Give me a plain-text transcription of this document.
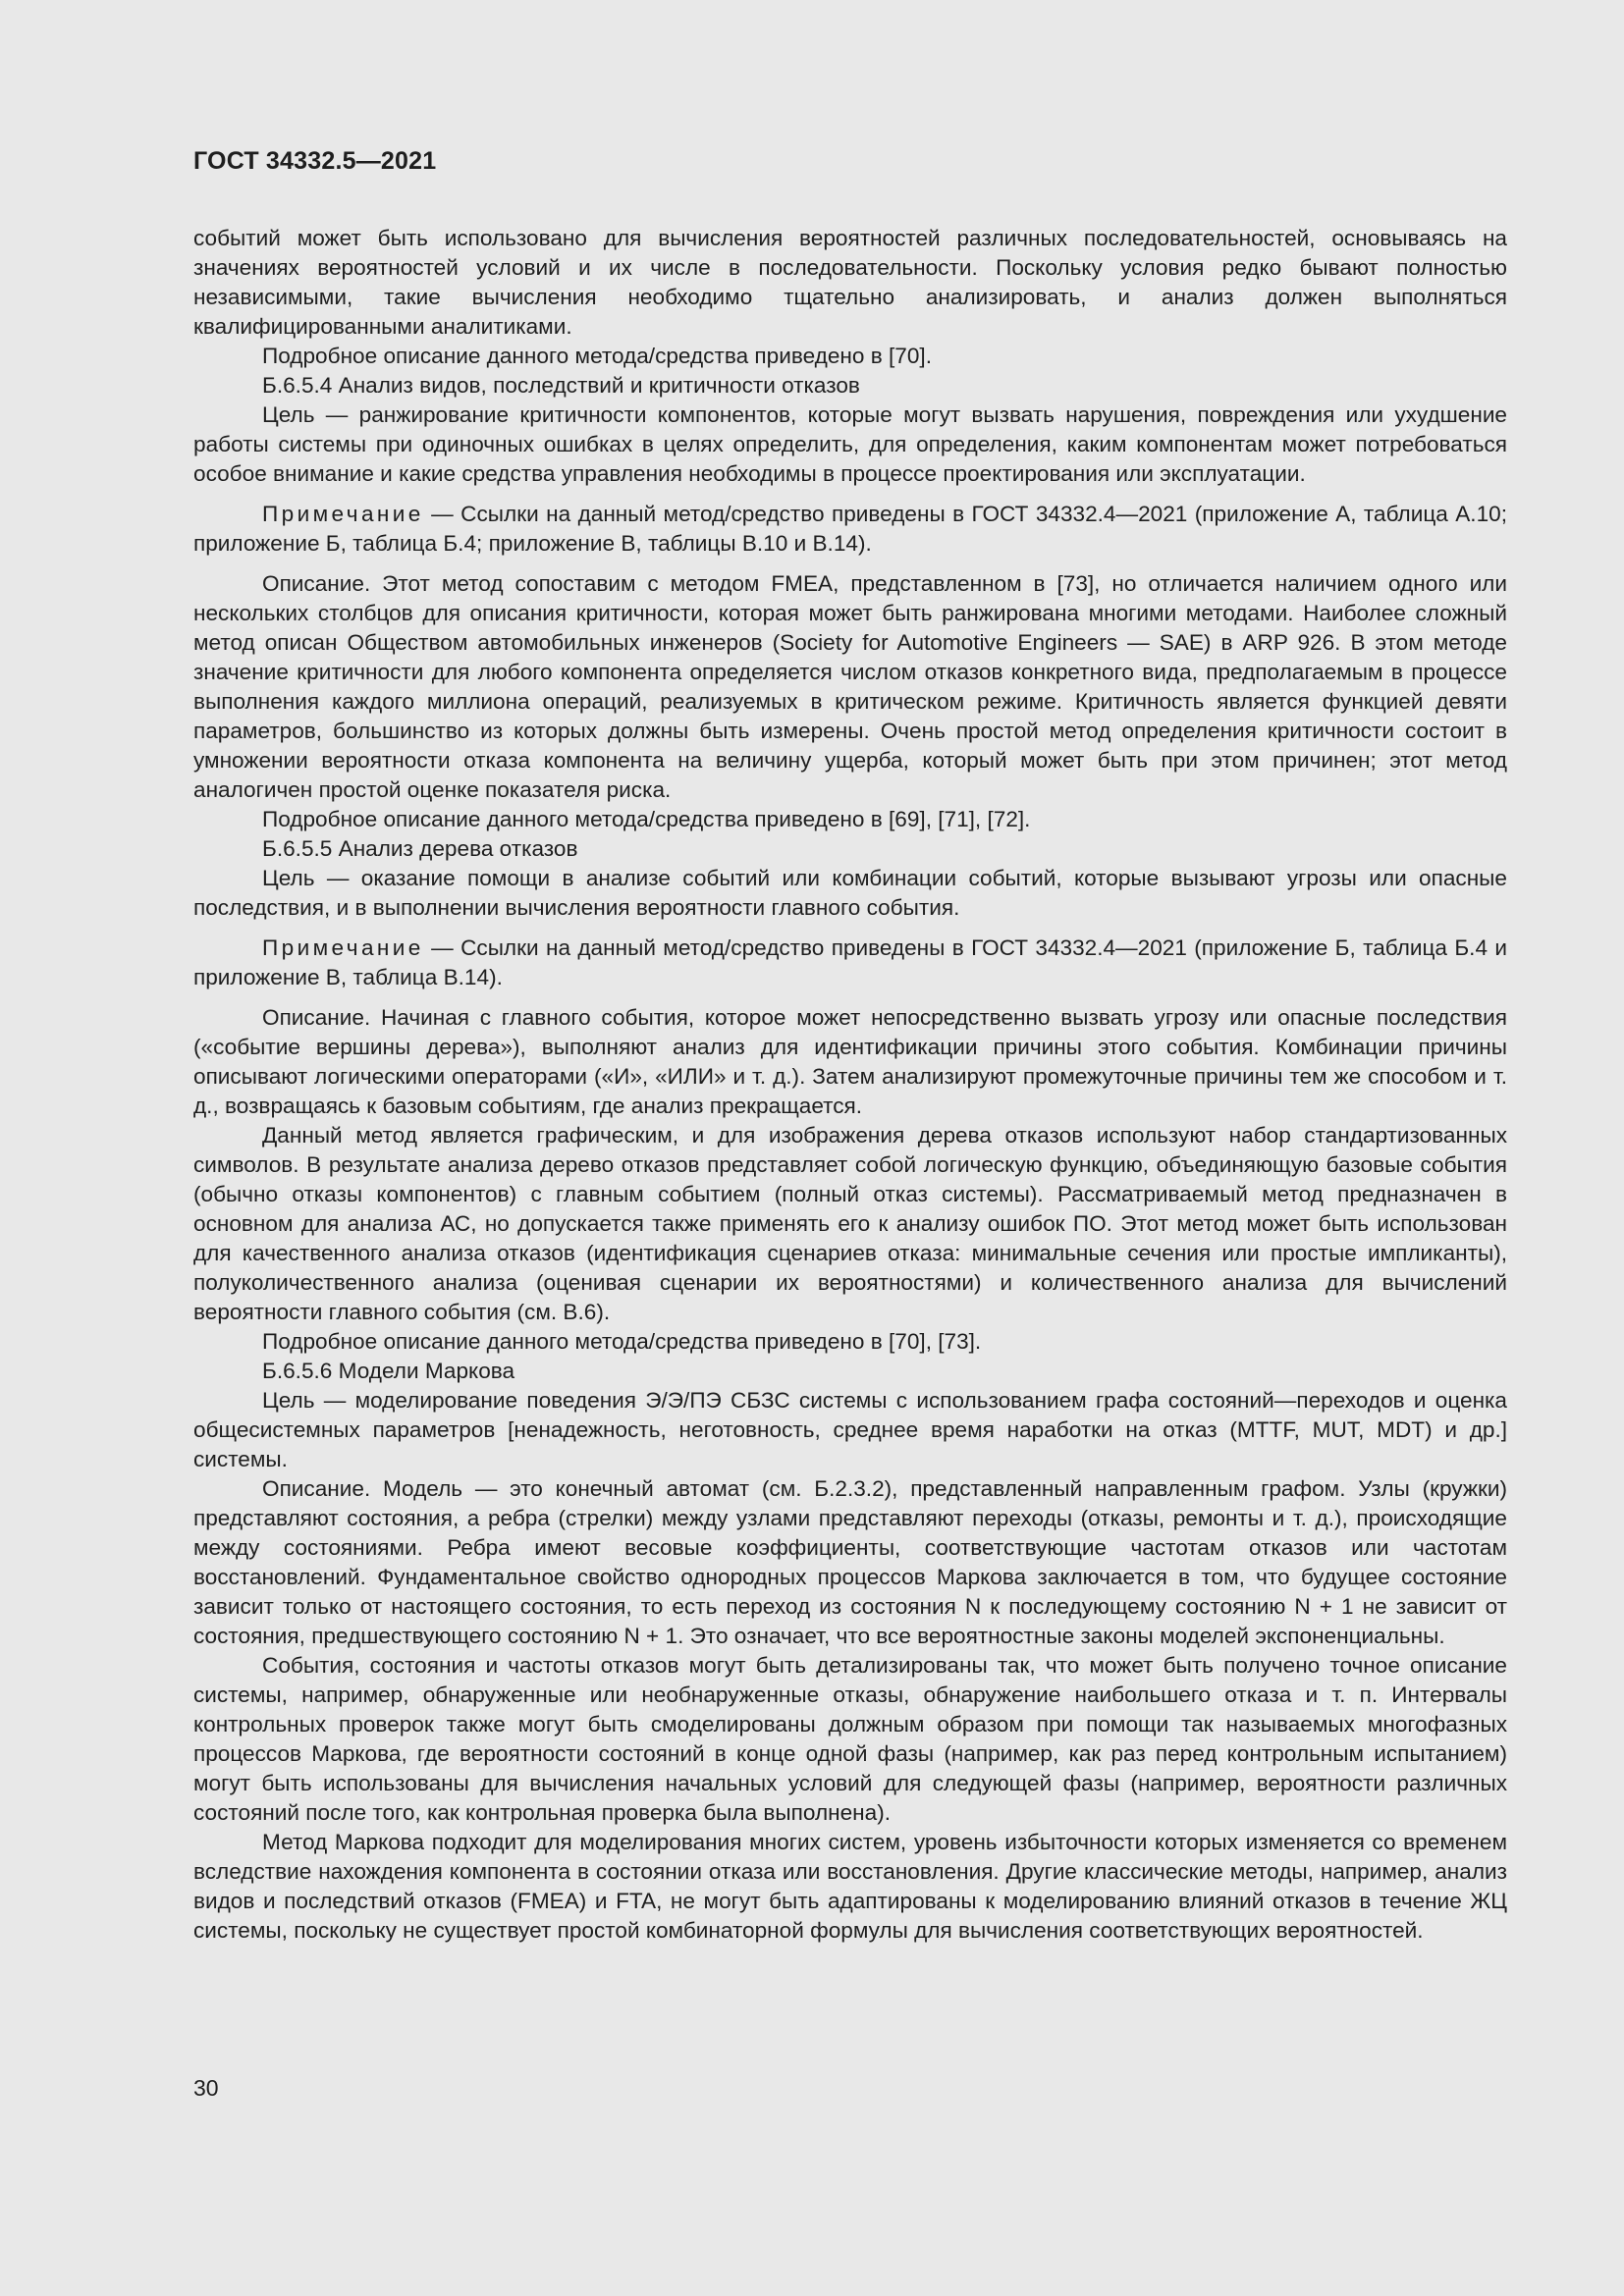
ГОСТ 34332.5—2021

событий может быть использовано для вычисления вероятностей различных последовательностей, основываясь на значениях вероятностей условий и их числе в последовательности. Поскольку условия редко бывают полностью независимыми, такие вычисления необходимо тщательно анализировать, и анализ должен выполняться квалифицированными аналитиками.

Подробное описание данного метода/средства приведено в [70].

Б.6.5.4 Анализ видов, последствий и критичности отказов

Цель — ранжирование критичности компонентов, которые могут вызвать нарушения, повреждения или ухудшение работы системы при одиночных ошибках в целях определить, для определения, каким компонентам может потребоваться особое внимание и какие средства управления необходимы в процессе проектирования или эксплуатации.

Примечание — Ссылки на данный метод/средство приведены в ГОСТ 34332.4—2021 (приложение А, таблица А.10; приложение Б, таблица Б.4; приложение В, таблицы В.10 и В.14).

Описание. Этот метод сопоставим с методом FMEA, представленном в [73], но отличается наличием одного или нескольких столбцов для описания критичности, которая может быть ранжирована многими методами. Наиболее сложный метод описан Обществом автомобильных инженеров (Society for Automotive Engineers — SAE) в ARP 926. В этом методе значение критичности для любого компонента определяется числом отказов конкретного вида, предполагаемым в процессе выполнения каждого миллиона операций, реализуемых в критическом режиме. Критичность является функцией девяти параметров, большинство из которых должны быть измерены. Очень простой метод определения критичности состоит в умножении вероятности отказа компонента на величину ущерба, который может быть при этом причинен; этот метод аналогичен простой оценке показателя риска.

Подробное описание данного метода/средства приведено в [69], [71], [72].

Б.6.5.5 Анализ дерева отказов

Цель — оказание помощи в анализе событий или комбинации событий, которые вызывают угрозы или опасные последствия, и в выполнении вычисления вероятности главного события.

Примечание — Ссылки на данный метод/средство приведены в ГОСТ 34332.4—2021 (приложение Б, таблица Б.4 и приложение В, таблица В.14).

Описание. Начиная с главного события, которое может непосредственно вызвать угрозу или опасные последствия («событие вершины дерева»), выполняют анализ для идентификации причины этого события. Комбинации причины описывают логическими операторами («И», «ИЛИ» и т. д.). Затем анализируют промежуточные причины тем же способом и т. д., возвращаясь к базовым событиям, где анализ прекращается.

Данный метод является графическим, и для изображения дерева отказов используют набор стандартизованных символов. В результате анализа дерево отказов представляет собой логическую функцию, объединяющую базовые события (обычно отказы компонентов) с главным событием (полный отказ системы). Рассматриваемый метод предназначен в основном для анализа АС, но допускается также применять его к анализу ошибок ПО. Этот метод может быть использован для качественного анализа отказов (идентификация сценариев отказа: минимальные сечения или простые импликанты), полуколичественного анализа (оценивая сценарии их вероятностями) и количественного анализа для вычислений вероятности главного события (см. В.6).

Подробное описание данного метода/средства приведено в [70], [73].

Б.6.5.6 Модели Маркова

Цель — моделирование поведения Э/Э/ПЭ СБЗС системы с использованием графа состояний—переходов и оценка общесистемных параметров [ненадежность, неготовность, среднее время наработки на отказ (MTTF, MUT, MDT) и др.] системы.

Описание. Модель — это конечный автомат (см. Б.2.3.2), представленный направленным графом. Узлы (кружки) представляют состояния, а ребра (стрелки) между узлами представляют переходы (отказы, ремонты и т. д.), происходящие между состояниями. Ребра имеют весовые коэффициенты, соответствующие частотам отказов или частотам восстановлений. Фундаментальное свойство однородных процессов Маркова заключается в том, что будущее состояние зависит только от настоящего состояния, то есть переход из состояния N к последующему состоянию N + 1 не зависит от состояния, предшествующего состоянию N + 1. Это означает, что все вероятностные законы моделей экспоненциальны.

События, состояния и частоты отказов могут быть детализированы так, что может быть получено точное описание системы, например, обнаруженные или необнаруженные отказы, обнаружение наибольшего отказа и т. п. Интервалы контрольных проверок также могут быть смоделированы должным образом при помощи так называемых многофазных процессов Маркова, где вероятности состояний в конце одной фазы (например, как раз перед контрольным испытанием) могут быть использованы для вычисления начальных условий для следующей фазы (например, вероятности различных состояний после того, как контрольная проверка была выполнена).

Метод Маркова подходит для моделирования многих систем, уровень избыточности которых изменяется со временем вследствие нахождения компонента в состоянии отказа или восстановления. Другие классические методы, например, анализ видов и последствий отказов (FMEA) и FTA, не могут быть адаптированы к моделированию влияний отказов в течение ЖЦ системы, поскольку не существует простой комбинаторной формулы для вычисления соответствующих вероятностей.

30
